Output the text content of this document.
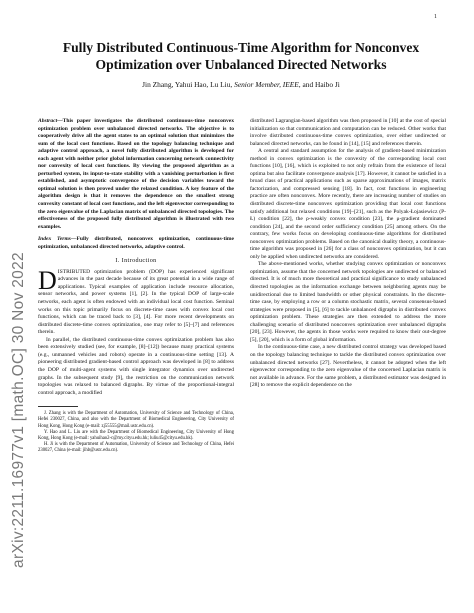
1
arXiv:2211.16977v1 [math.OC] 30 Nov 2022
Fully Distributed Continuous-Time Algorithm for Nonconvex Optimization over Unbalanced Directed Networks

Jin Zhang, Yahui Hao, Lu Liu, Senior Member, IEEE, and Haibo Ji

Abstract—This paper investigates the distributed continuous-time nonconvex optimization problem over unbalanced directed networks. The objective is to cooperatively drive all the agent states to an optimal solution that minimizes the sum of the local cost functions. Based on the topology balancing technique and adaptive control approach, a novel fully distributed algorithm is developed for each agent with neither prior global information concerning network connectivity nor convexity of local cost functions. By viewing the proposed algorithm as a perturbed system, its input-to-state stability with a vanishing perturbation is first established, and asymptotic convergence of the decision variables toward the optimal solution is then proved under the relaxed condition. A key feature of the algorithm design is that it removes the dependence on the smallest strong convexity constant of local cost functions, and the left eigenvector corresponding to the zero eigenvalue of the Laplacian matrix of unbalanced directed topologies. The effectiveness of the proposed fully distributed algorithm is illustrated with two examples.

Index Terms—Fully distributed, nonconvex optimization, continuous-time optimization, unbalanced directed networks, adaptive control.

I. Introduction

DISTRIBUTED optimization problem (DOP) has experienced significant advances in the past decade because of its great potential in a wide range of applications. Typical examples of application include resource allocation, sensor networks, and power systems [1], [2]. In the typical DOP of large-scale networks, each agent is often endowed with an individual local cost function. Seminal works on this topic primarily focus on discrete-time cases with convex local cost functions, which can be traced back to [3], [4]. For more recent developments on distributed discrete-time convex optimization, one may refer to [5]–[7] and references therein.

In parallel, the distributed continuous-time convex optimization problem has also been extensively studied (see, for example, [8]–[12]) because many practical systems (e.g., unmanned vehicles and robots) operate in a continuous-time setting [13]. A pioneering distributed gradient-based control approach was developed in [8] to address the DOP of multi-agent systems with single integrator dynamics over undirected graphs. In the subsequent study [9], the restriction on the communication network topologies was relaxed to balanced digraphs. By virtue of the proportional-integral control approach, a modified

J. Zhang is with the Department of Automation, University of Science and Technology of China, Hefei 230027, China, and also with the Department of Biomedical Engineering, City University of Hong Kong, Hong Kong (e-mail: zj55555@mail.ustc.edu.cn).

Y. Hao and L. Liu are with the Department of Biomedical Engineering, City University of Hong Kong, Hong Kong (e-mail: yahuihao2-c@my.cityu.edu.hk; luliu45@cityu.edu.hk).

H. Ji is with the Department of Automation, University of Science and Technology of China, Hefei 230027, China (e-mail: jihb@ustc.edu.cn).

distributed Lagrangian-based algorithm was then proposed in [10] at the cost of special initialization so that communication and computation can be reduced. Other works that involve distributed continuous-time convex optimization, over either undirected or balanced directed networks, can be found in [14], [15] and references therein.

A central and standard assumption for the analysis of gradient-based minimization method in convex optimization is the convexity of the corresponding local cost functions [10], [16], which is exploited to not only refrain from the existence of local optima but also facilitate convergence analysis [17]. However, it cannot be satisfied in a broad class of practical applications such as sparse approximations of images, matrix factorization, and compressed sensing [18]. In fact, cost functions in engineering practice are often nonconvex. More recently, there are increasing number of studies on distributed discrete-time nonconvex optimization providing that local cost functions satisfy additional but relaxed conditions [19]–[21], such as the Polyak-Łojasiewicz (P-Ł) condition [22], the ρ-weakly convex condition [23], the μ-gradient dominated condition [24], and the second order sufficiency condition [25] among others. On the contrary, few works focus on developing continuous-time algorithms for distributed nonconvex optimization problems. Based on the canonical duality theory, a continuous-time algorithm was proposed in [26] for a class of nonconvex optimization, but it can only be applied when undirected networks are considered.

The above-mentioned works, whether studying convex optimization or nonconvex optimization, assume that the concerned network topologies are undirected or balanced directed. It is of much more theoretical and practical significance to study unbalanced directed topologies as the information exchange between neighboring agents may be unidirectional due to limited bandwidth or other physical constraints. In the discrete-time case, by employing a row or a column stochastic matrix, several consensus-based strategies were proposed in [5], [6] to tackle unbalanced digraphs in distributed convex optimization problem. These strategies are then extended to address the more challenging scenario of distributed nonconvex optimization over unbalanced digraphs [20], [23]. However, the agents in those works were required to know their out-degree [5], [20], which is a form of global information.

In the continuous-time case, a new distributed control strategy was developed based on the topology balancing technique to tackle the distributed convex optimization over unbalanced directed networks [27]. Nevertheless, it cannot be adopted when the left eigenvector corresponding to the zero eigenvalue of the concerned Laplacian matrix is not available in advance. For the same problem, a distributed estimator was designed in [28] to remove the explicit dependence on the
